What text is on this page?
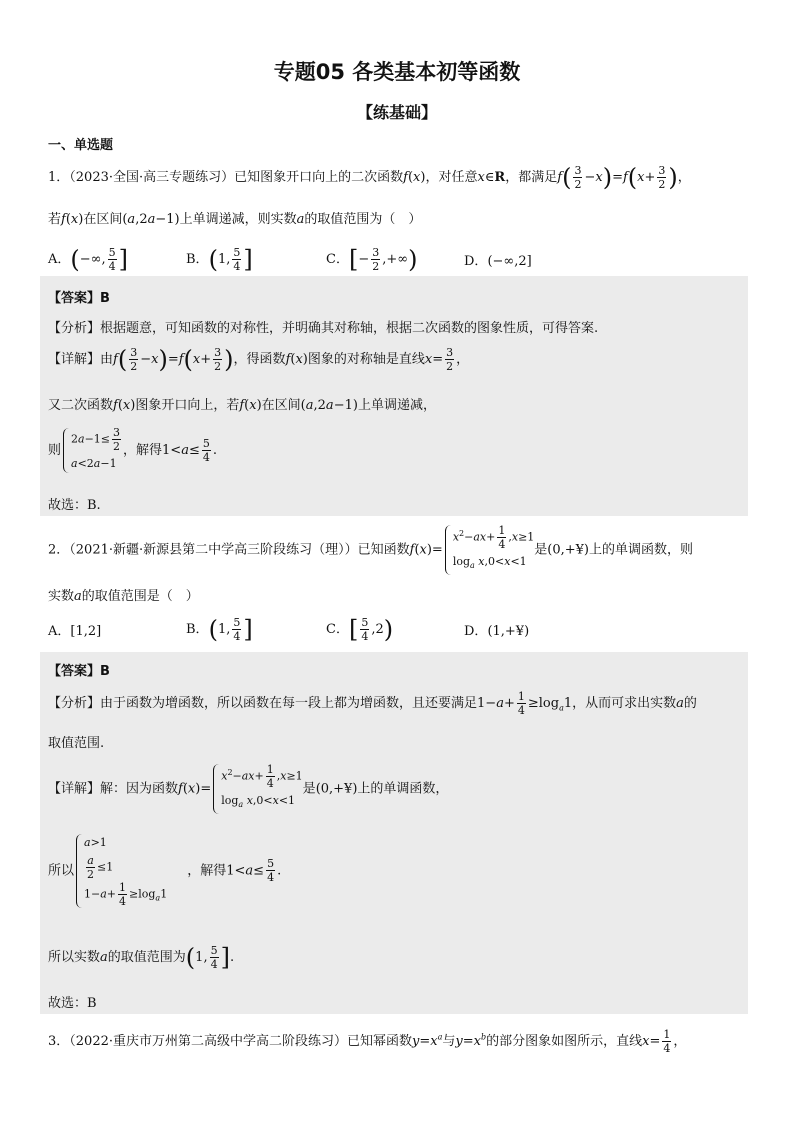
专题05 各类基本初等函数
【练基础】
一、单选题
1．（2023·全国·高三专题练习）已知图象开口向上的二次函数f(x)，对任意x∈R，都满足$f( \frac{3}{2} -x)=f(x+ \frac{3}{2}$ )，
若f(x)在区间(a,2a−1)上单调递减，则实数a的取值范围为（　）
A．(−∞, $\frac{5}{4}$ ]	B．(1, $\frac{5}{4}$ ]	C．[− $\frac{3}{2}$ ,+∞)	D．(−∞,2]
【答案】B
【分析】根据题意，可知函数的对称性，并明确其对称轴，根据二次函数的图象性质，可得答案.
【详解】由$f( \frac{3}{2} -x)=f(x+ \frac{3}{2}$ )，得函数f(x)图象的对称轴是直线$x= \frac{3}{2}$ ，
又二次函数f(x)图象开口向上，若f(x)在区间(a,2a−1)上单调递减，
则
$2a-1\le \frac{3}{2}$
a<2a−1
，解得$1<a\le \frac{5}{4}$ .
故选：B.
2．（2021·新疆·新源县第二中学高三阶段练习（理））已知函数f(x)=
$x^2-ax+ \frac{1}{4} ,x\ge 1$
$\log_a x,0<x<1$
是(0,+¥)上的单调函数，则
实数a的取值范围是（　）
A．[1,2]	B．(1, $\frac{5}{4}$ ]	C．[ $\frac{5}{4} ,2$)	D．(1,+¥)
【答案】B
【分析】由于函数为增函数，所以函数在每一段上都为增函数，且还要满足$1-a+ \frac{1}{4} \ge\log_a1$，从而可求出实数a的
取值范围.
【详解】解：因为函数f(x)=
$x^2-ax+ \frac{1}{4} ,x\ge 1$
$\log_a x,0<x<1$
是(0,+¥)上的单调函数，
所以
a>1
$\frac{a}{2} \le 1$
$1-a+ \frac{1}{4} \ge\log_a1$
，解得$1<a\le \frac{5}{4}$ .
所以实数a的取值范围为(1, $\frac{5}{4}$ ].
故选：B
3．（2022·重庆市万州第二高级中学高二阶段练习）已知幂函数$y=x^a$与$y=x^b$的部分图象如图所示，直线$x= \frac{1}{4}$ ，
